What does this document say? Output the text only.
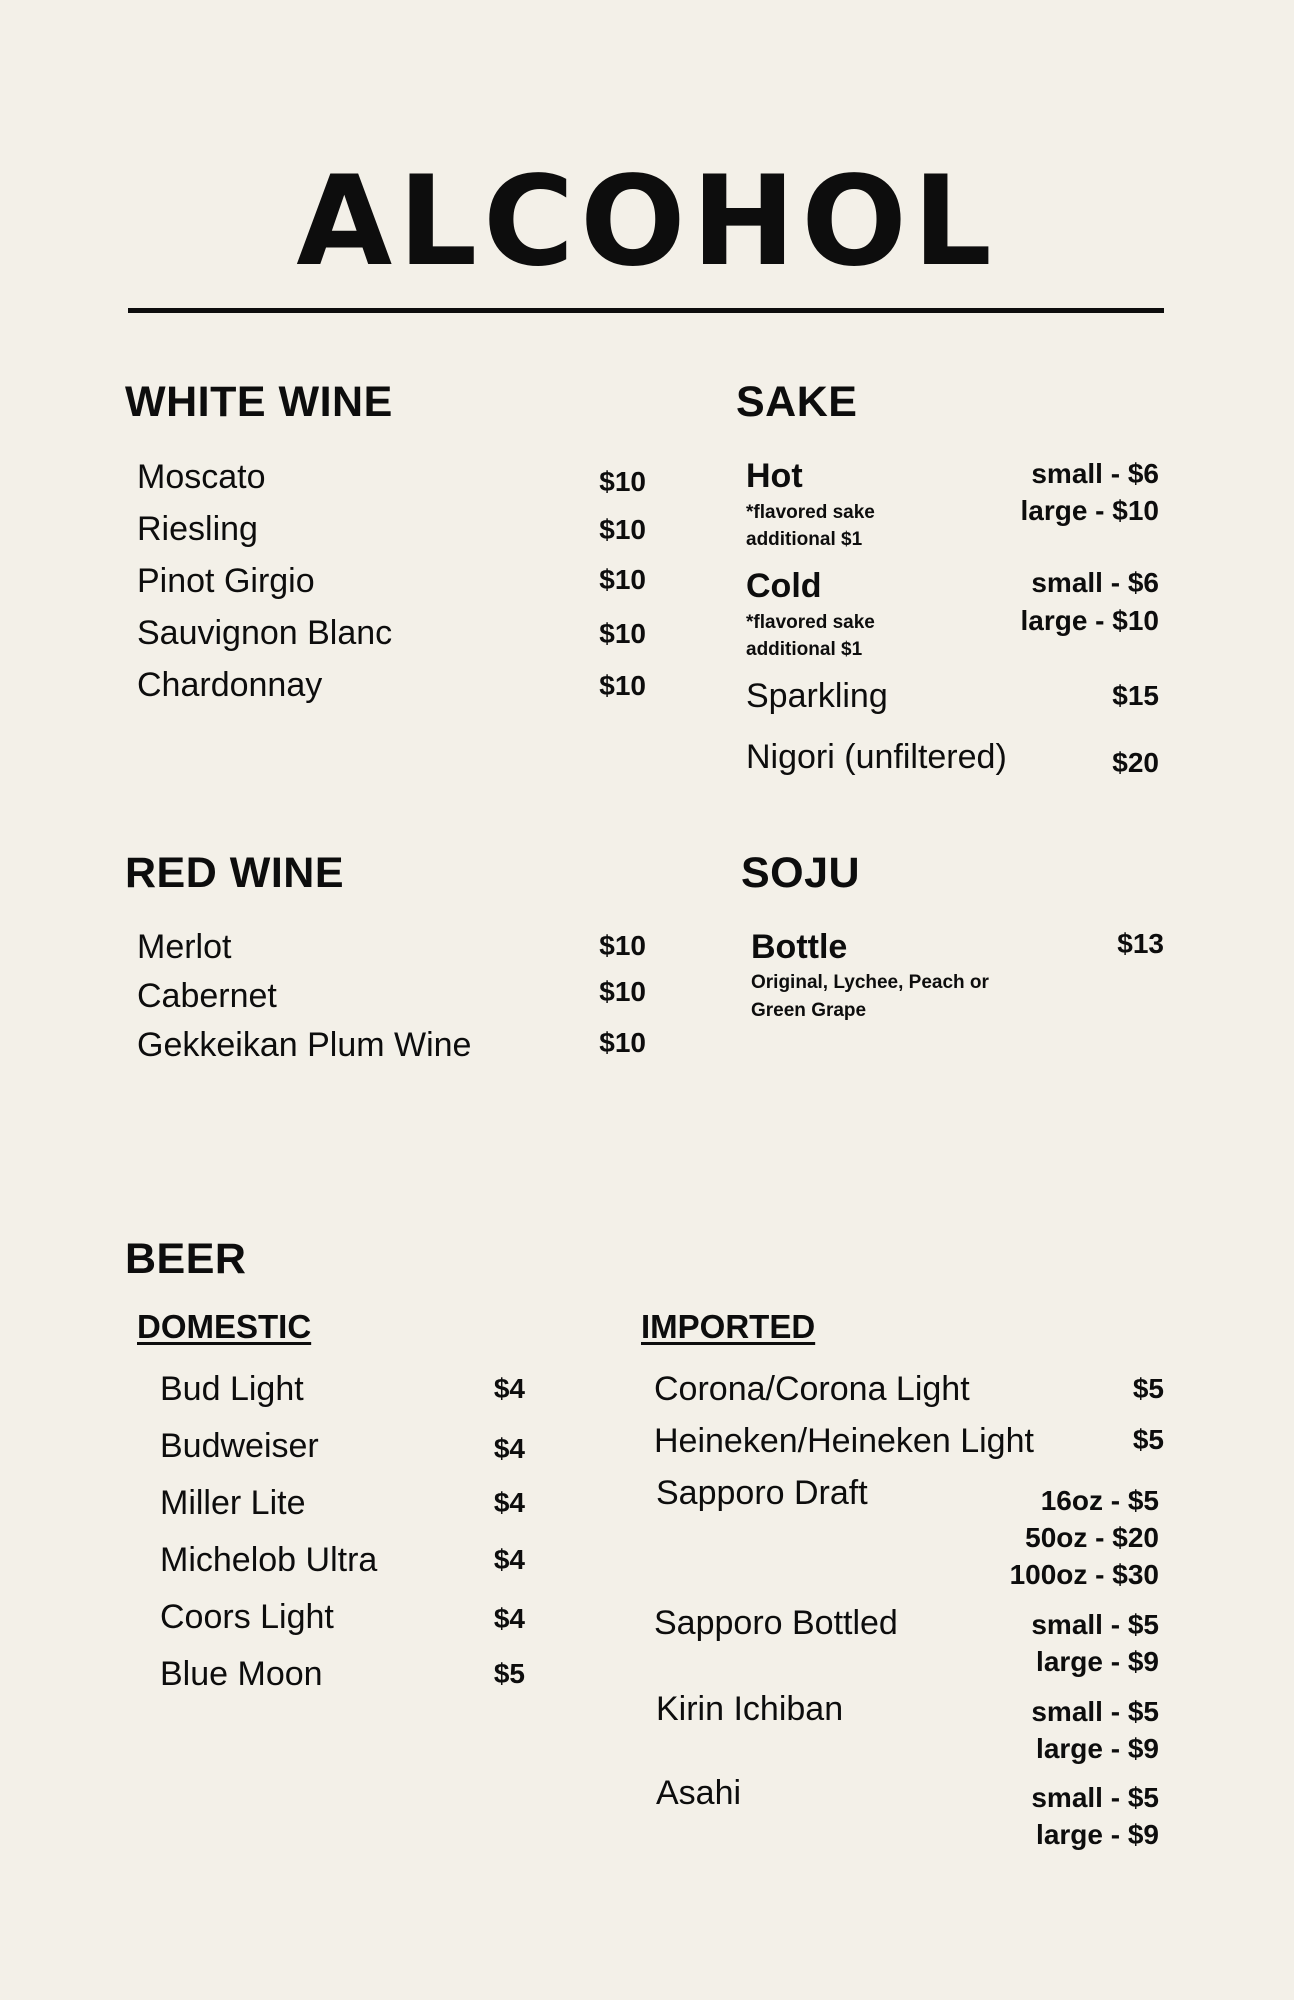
ALCOHOL
WHITE WINE
Moscato	$10
Riesling	$10
Pinot Girgio	$10
Sauvignon Blanc	$10
Chardonnay	$10
SAKE
Hot
*flavored sake
additional $1
small - $6
large - $10
Cold
*flavored sake
additional $1
small - $6
large - $10
Sparkling	$15
Nigori (unfiltered)	$20
RED WINE
Merlot	$10
Cabernet	$10
Gekkeikan Plum Wine	$10
SOJU
Bottle	$13
Original, Lychee, Peach or
Green Grape
BEER
DOMESTIC
Bud Light	$4
Budweiser	$4
Miller Lite	$4
Michelob Ultra	$4
Coors Light	$4
Blue Moon	$5
IMPORTED
Corona/Corona Light	$5
Heineken/Heineken Light	$5
Sapporo Draft	16oz - $5
50oz - $20
100oz - $30
Sapporo Bottled	small - $5
large - $9
Kirin Ichiban	small - $5
large - $9
Asahi	small - $5
large - $9
